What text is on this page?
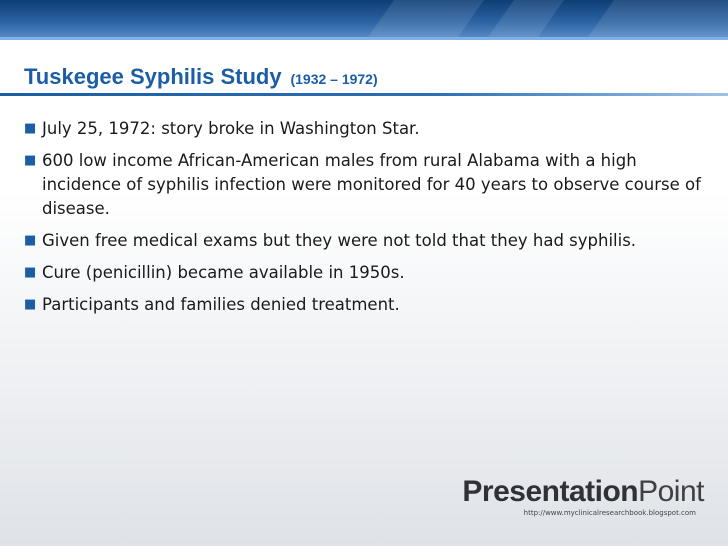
Tuskegee Syphilis Study (1932 – 1972)
■ July 25, 1972: story broke in Washington Star.
■ 600 low income African-American males from rural Alabama with a high incidence of syphilis infection were monitored for 40 years to observe course of disease.
■ Given free medical exams but they were not told that they had syphilis.
■ Cure (penicillin) became available in 1950s.
■ Participants and families denied treatment.
PresentationPoint
http://www.myclinicalresearchbook.blogspot.com
